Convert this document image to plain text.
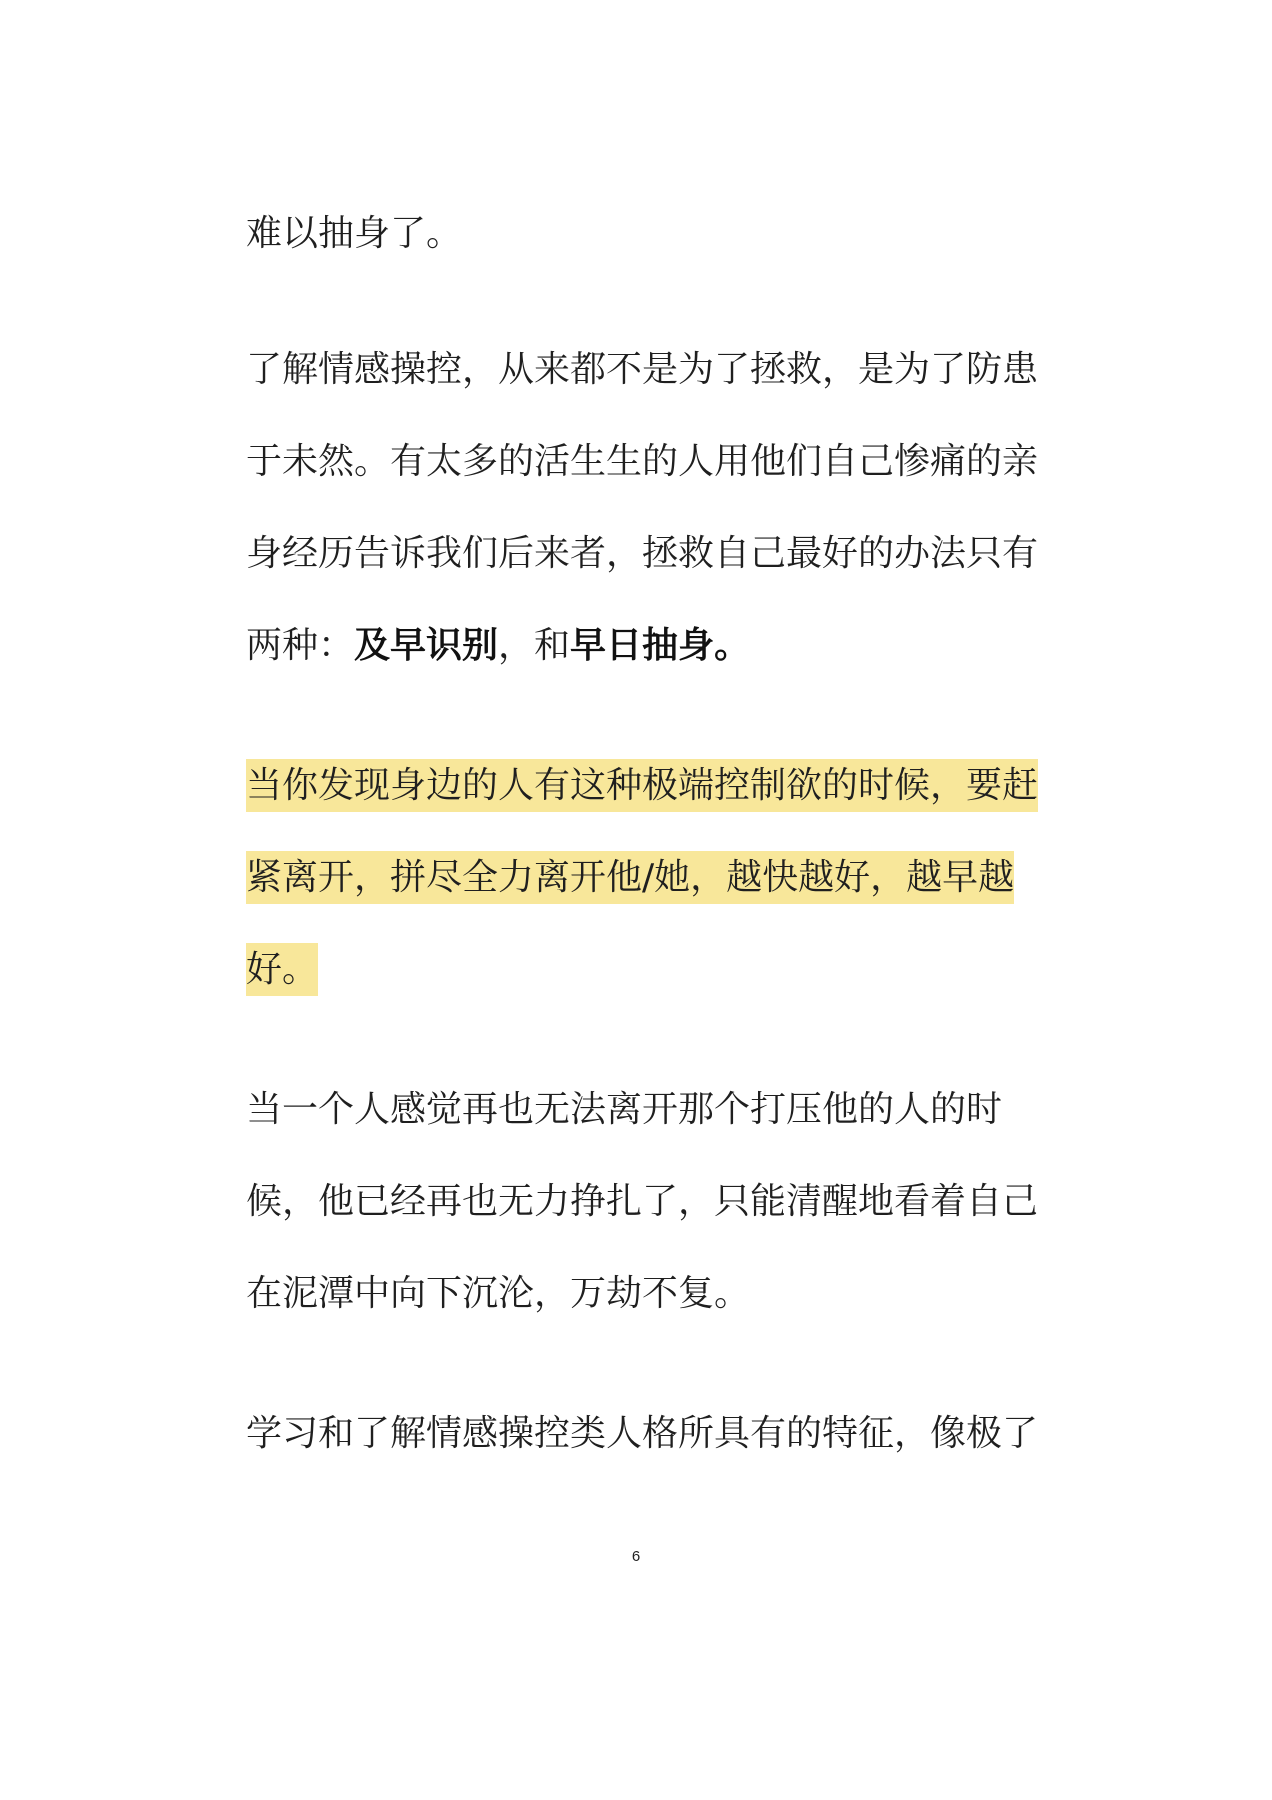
难以抽身了。
了解情感操控，从来都不是为了拯救，是为了防患
于未然。有太多的活生生的人用他们自己惨痛的亲
身经历告诉我们后来者，拯救自己最好的办法只有
两种：及早识别，和早日抽身。
当你发现身边的人有这种极端控制欲的时候，要赶
紧离开，拼尽全力离开他/她，越快越好，越早越
好。
当一个人感觉再也无法离开那个打压他的人的时
候，他已经再也无力挣扎了，只能清醒地看着自己
在泥潭中向下沉沦，万劫不复。
学习和了解情感操控类人格所具有的特征，像极了
6
